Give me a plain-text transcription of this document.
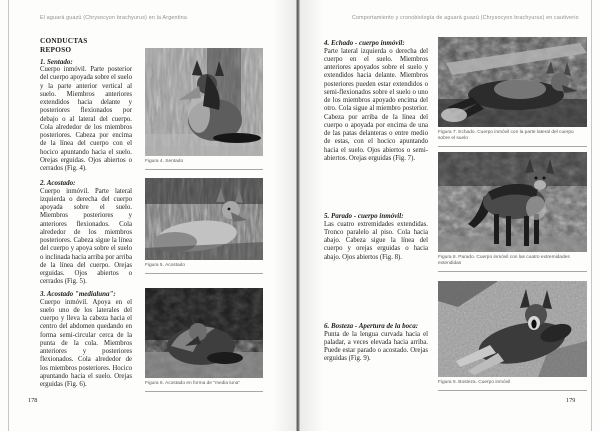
El aguará guazú (Chrysocyon brachyurus) en la Argentina
CONDUCTAS
REPOSO
1. Sentado:

Cuerpo inmóvil. Parte posterior del cuerpo apoyada sobre el suelo y la parte anterior vertical al suelo. Miembros anteriores extendidos hacia delante y posteriores flexionados por debajo o al lateral del cuerpo. Cola alrededor de los miembros posteriores. Cabeza por encima de la línea del cuerpo con el hocico apuntando hacia el suelo. Orejas erguidas. Ojos abiertos o cerrados (Fig. 4).

2. Acostado:

Cuerpo inmóvil. Parte lateral izquierda o derecha del cuerpo apoyada sobre el suelo. Miembros posteriores y anteriores flexionados. Cola alrededor de los miembros posteriores. Cabeza sigue la línea del cuerpo y apoya sobre el suelo o inclinada hacia arriba por arriba de la línea del cuerpo. Orejas erguidas. Ojos abiertos o cerrados (Fig. 5).

3. Acostado "medialuna":

Cuerpo inmóvil. Apoya en el suelo uno de los laterales del cuerpo y lleva la cabeza hacia el centro del abdomen quedando en forma semi-circular cerca de la punta de la cola. Miembros anteriores y posteriores flexionados. Cola alrededor de los miembros posteriores. Hocico apuntando hacia el suelo. Orejas erguidas (Fig. 6).

Figura 4. Sentado
Figura 5. Acostado
Figura 6. Acostado en forma de "media luna"
178
Comportamiento y cronobiología de aguará guazú (Chrysocyon brachyurus) en cautiverio
4. Echado - cuerpo inmóvil:

Parte lateral izquierda o derecha del cuerpo en el suelo. Miembros anteriores apoyados sobre el suelo y extendidos hacia delante. Miembros posteriores pueden estar extendidos o semi-flexionados sobre el suelo o uno de los miembros apoyado encima del otro. Cola sigue al miembro posterior. Cabeza por arriba de la línea del cuerpo o apoyada por encima de una de las patas delanteras o entre medio de estas, con el hocico apuntando hacia el suelo. Ojos abiertos o semi-abiertos. Orejas erguidas (Fig. 7).

5. Parado - cuerpo inmóvil:

Las cuatro extremidades extendidas. Tronco paralelo al piso. Cola hacia abajo. Cabeza sigue la línea del cuerpo y orejas erguidas o hacia abajo. Ojos abiertos (Fig. 8).

6. Bosteza - Apertura de la boca:

Punta de la lengua curvada hacia el paladar, a veces elevada hacia arriba. Puede estar parado o acostado. Orejas erguidas (Fig. 9).

Figura 7. Echado. Cuerpo inmóvil con la parte lateral del cuerpo sobre el suelo
Figura 8. Parado. Cuerpo inmóvil con las cuatro extremidades extendidas
Figura 9. Bosteza. Cuerpo inmóvil
179
